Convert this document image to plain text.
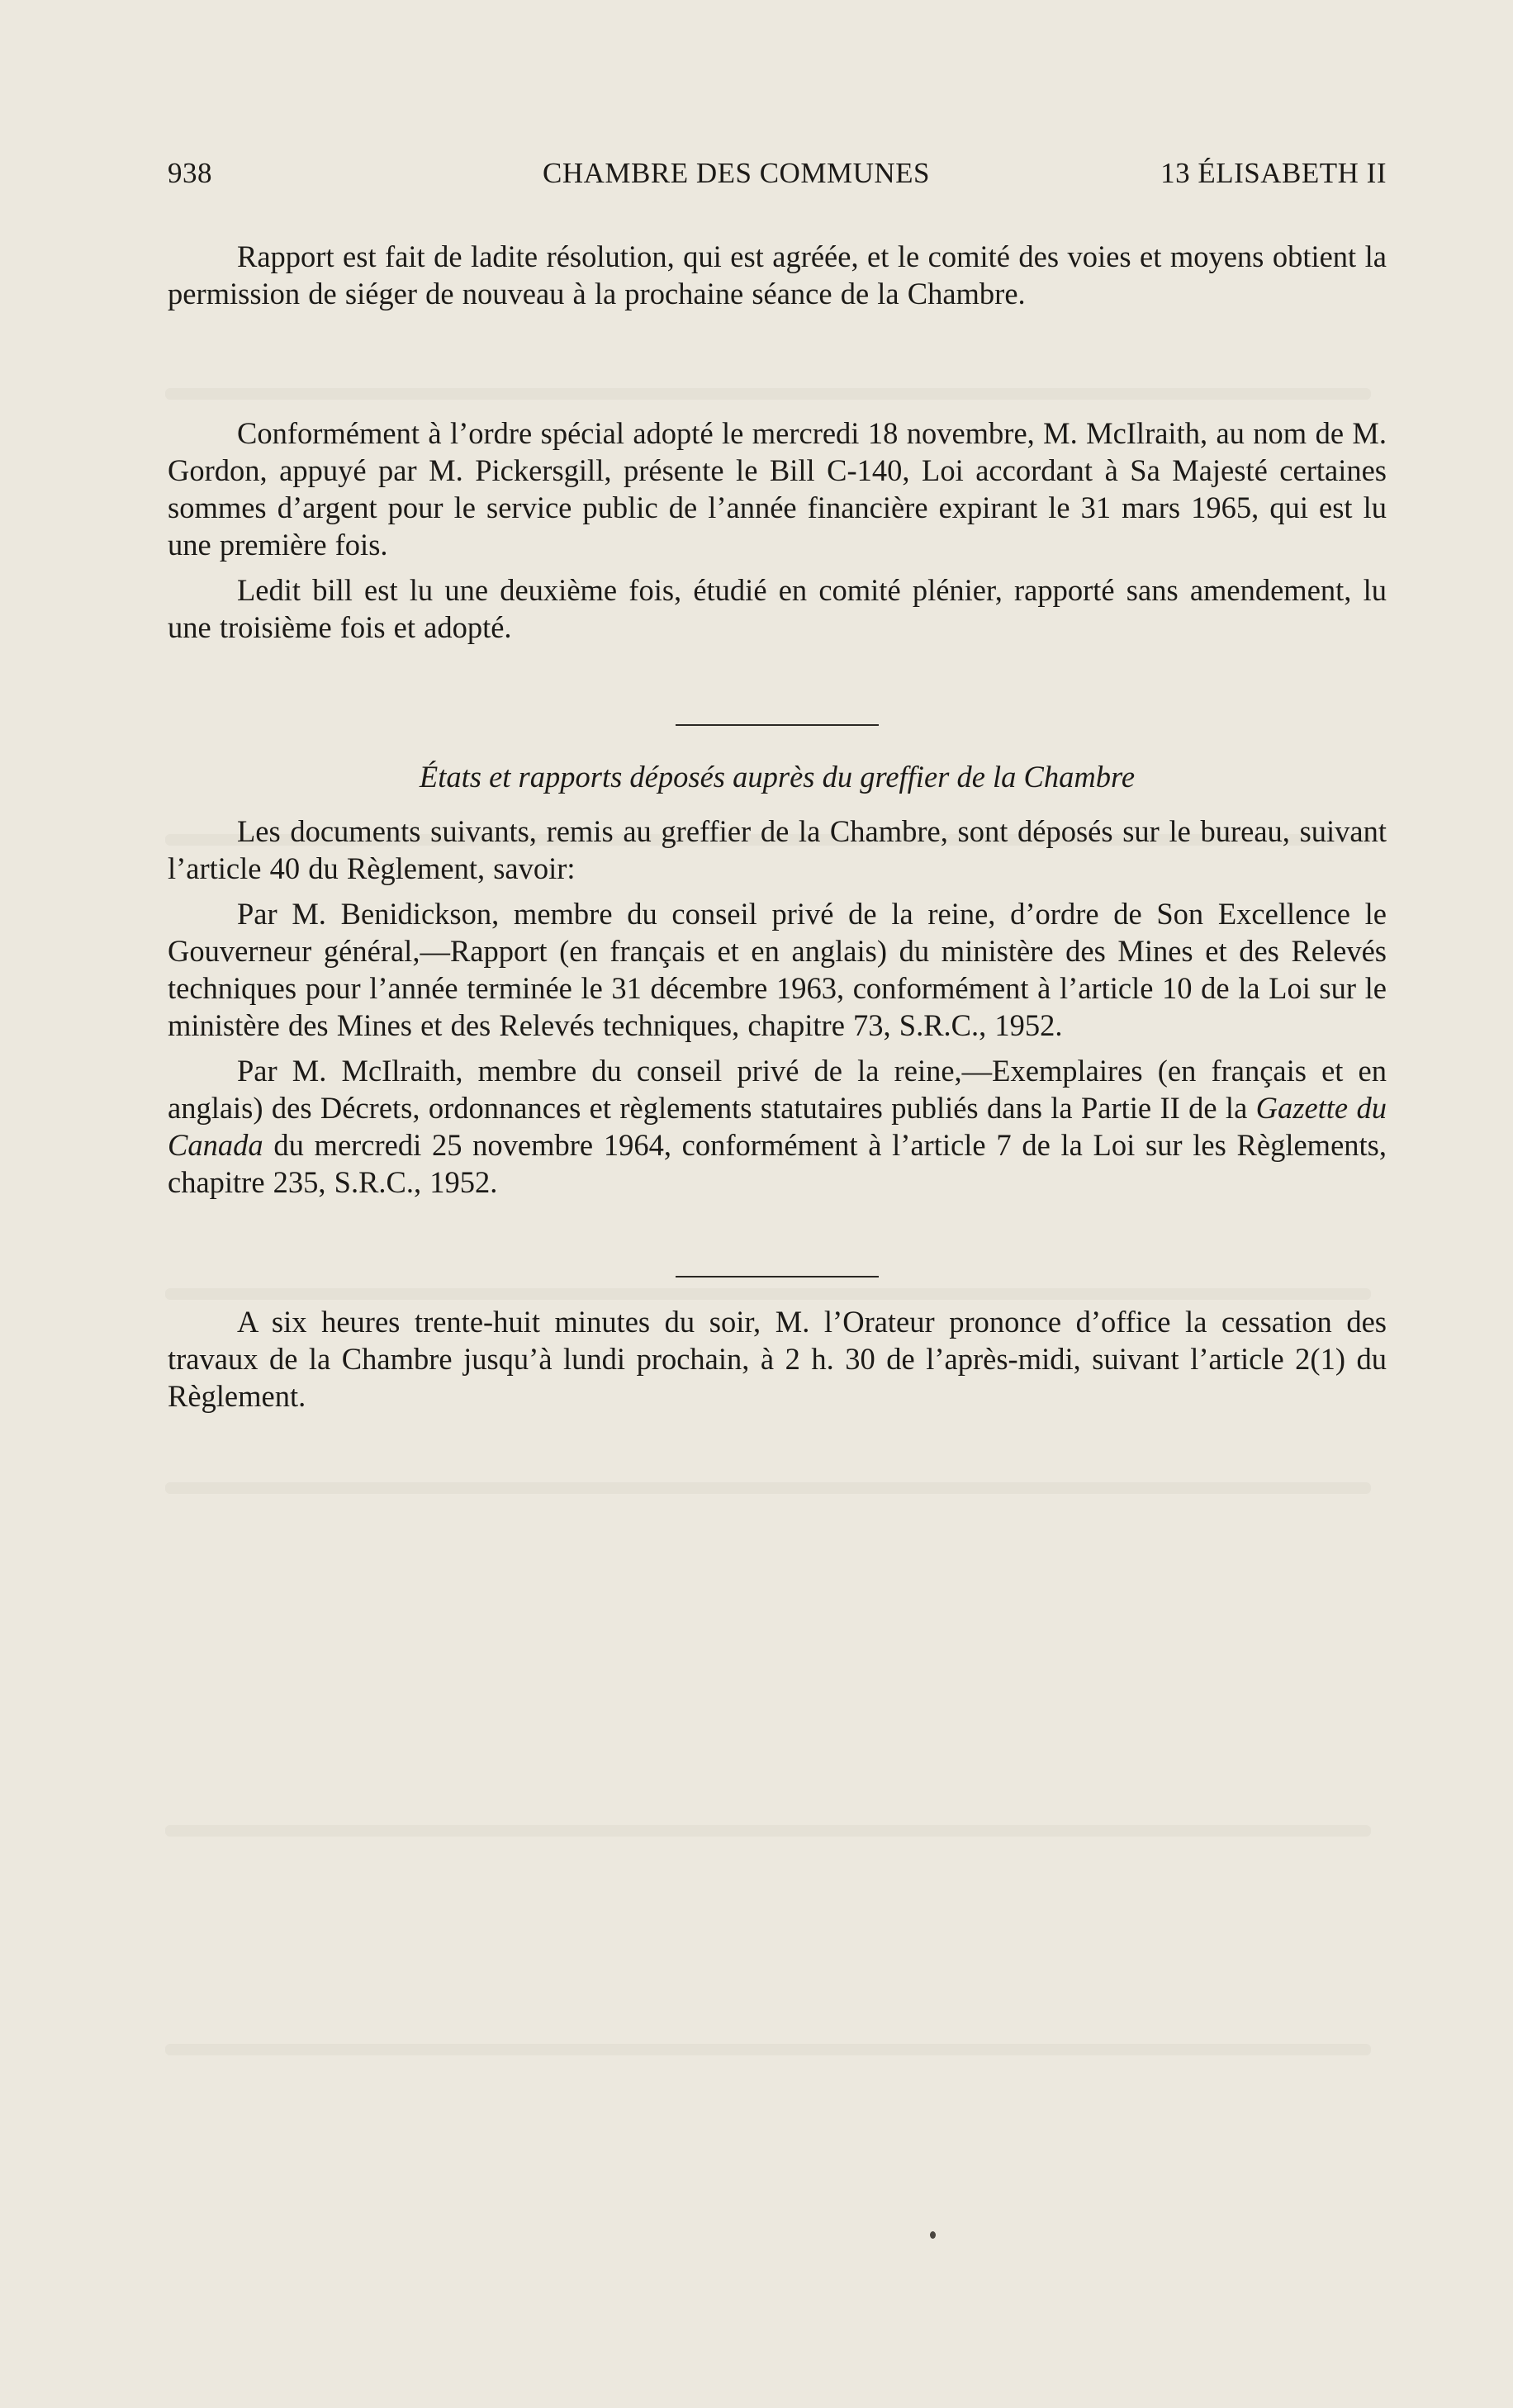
938	CHAMBRE DES COMMUNES	13 ÉLISABETH II

Rapport est fait de ladite résolution, qui est agréée, et le comité des voies et moyens obtient la permission de siéger de nouveau à la prochaine séance de la Chambre.

Conformément à l’ordre spécial adopté le mercredi 18 novembre, M. McIlraith, au nom de M. Gordon, appuyé par M. Pickersgill, présente le Bill C-140, Loi accordant à Sa Majesté certaines sommes d’argent pour le service public de l’année financière expirant le 31 mars 1965, qui est lu une première fois.

Ledit bill est lu une deuxième fois, étudié en comité plénier, rapporté sans amendement, lu une troisième fois et adopté.

États et rapports déposés auprès du greffier de la Chambre

Les documents suivants, remis au greffier de la Chambre, sont déposés sur le bureau, suivant l’article 40 du Règlement, savoir:

Par M. Benidickson, membre du conseil privé de la reine, d’ordre de Son Excellence le Gouverneur général,—Rapport (en français et en anglais) du ministère des Mines et des Relevés techniques pour l’année terminée le 31 décembre 1963, conformément à l’article 10 de la Loi sur le ministère des Mines et des Relevés techniques, chapitre 73, S.R.C., 1952.

Par M. McIlraith, membre du conseil privé de la reine,—Exemplaires (en français et en anglais) des Décrets, ordonnances et règlements statutaires publiés dans la Partie II de la Gazette du Canada du mercredi 25 novembre 1964, conformément à l’article 7 de la Loi sur les Règlements, chapitre 235, S.R.C., 1952.

A six heures trente-huit minutes du soir, M. l’Orateur prononce d’office la cessation des travaux de la Chambre jusqu’à lundi prochain, à 2 h. 30 de l’après-midi, suivant l’article 2(1) du Règlement.
